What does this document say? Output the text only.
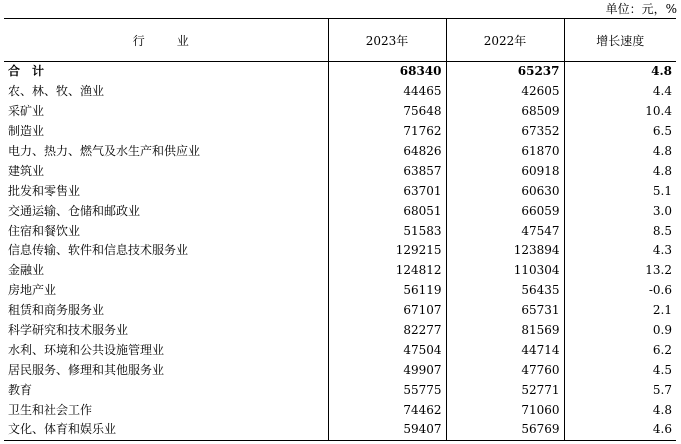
单位：元，%
行　业	2023年	2022年	增长速度
合　计	68340	65237	4.8
农、林、牧、渔业	44465	42605	4.4
采矿业	75648	68509	10.4
制造业	71762	67352	6.5
电力、热力、燃气及水生产和供应业	64826	61870	4.8
建筑业	63857	60918	4.8
批发和零售业	63701	60630	5.1
交通运输、仓储和邮政业	68051	66059	3.0
住宿和餐饮业	51583	47547	8.5
信息传输、软件和信息技术服务业	129215	123894	4.3
金融业	124812	110304	13.2
房地产业	56119	56435	-0.6
租赁和商务服务业	67107	65731	2.1
科学研究和技术服务业	82277	81569	0.9
水利、环境和公共设施管理业	47504	44714	6.2
居民服务、修理和其他服务业	49907	47760	4.5
教育	55775	52771	5.7
卫生和社会工作	74462	71060	4.8
文化、体育和娱乐业	59407	56769	4.6
